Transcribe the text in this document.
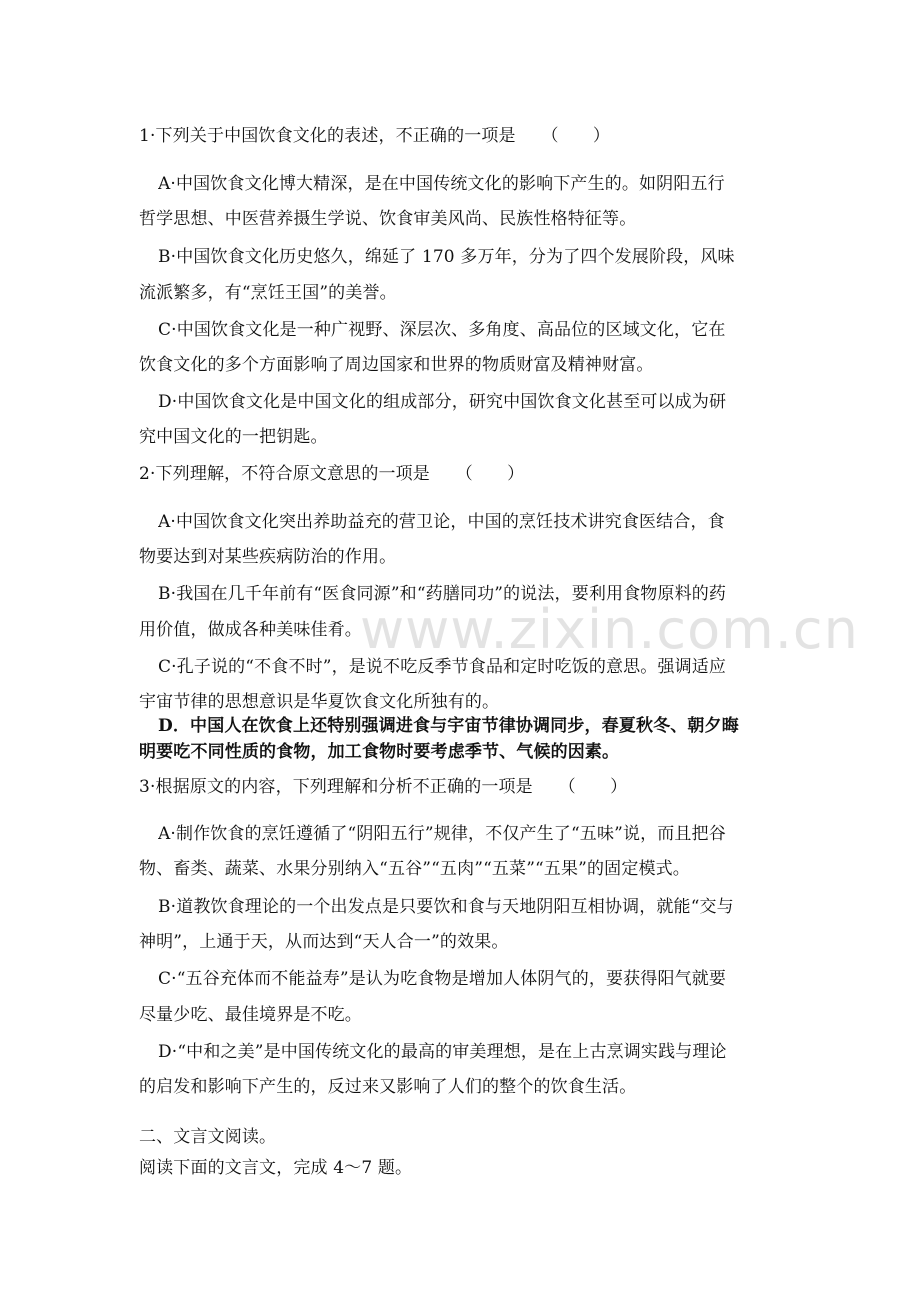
www.zixin.com.cn
1·下列关于中国饮食文化的表述，不正确的一项是　　（　　）
A·中国饮食文化博大精深，是在中国传统文化的影响下产生的。如阴阳五行
哲学思想、中医营养摄生学说、饮食审美风尚、民族性格特征等。
B·中国饮食文化历史悠久，绵延了 170 多万年，分为了四个发展阶段，风味
流派繁多，有“烹饪王国”的美誉。
C·中国饮食文化是一种广视野、深层次、多角度、高品位的区域文化，它在
饮食文化的多个方面影响了周边国家和世界的物质财富及精神财富。
D·中国饮食文化是中国文化的组成部分，研究中国饮食文化甚至可以成为研
究中国文化的一把钥匙。
2·下列理解，不符合原文意思的一项是　　（　　）
A·中国饮食文化突出养助益充的营卫论，中国的烹饪技术讲究食医结合，食
物要达到对某些疾病防治的作用。
B·我国在几千年前有“医食同源”和“药膳同功”的说法，要利用食物原料的药
用价值，做成各种美味佳肴。
C·孔子说的“不食不时”，是说不吃反季节食品和定时吃饭的意思。强调适应
宇宙节律的思想意识是华夏饮食文化所独有的。
D．中国人在饮食上还特别强调进食与宇宙节律协调同步，春夏秋冬、朝夕晦
明要吃不同性质的食物，加工食物时要考虑季节、气候的因素。
3·根据原文的内容，下列理解和分析不正确的一项是　　（　　）
A·制作饮食的烹饪遵循了“阴阳五行”规律，不仅产生了“五味”说，而且把谷
物、畜类、蔬菜、水果分别纳入“五谷”“五肉”“五菜”“五果”的固定模式。
B·道教饮食理论的一个出发点是只要饮和食与天地阴阳互相协调，就能“交与
神明”，上通于天，从而达到“天人合一”的效果。
C·“五谷充体而不能益寿”是认为吃食物是增加人体阴气的，要获得阳气就要
尽量少吃、最佳境界是不吃。
D·“中和之美”是中国传统文化的最高的审美理想，是在上古烹调实践与理论
的启发和影响下产生的，反过来又影响了人们的整个的饮食生活。
二、文言文阅读。
阅读下面的文言文，完成 4～7 题。
